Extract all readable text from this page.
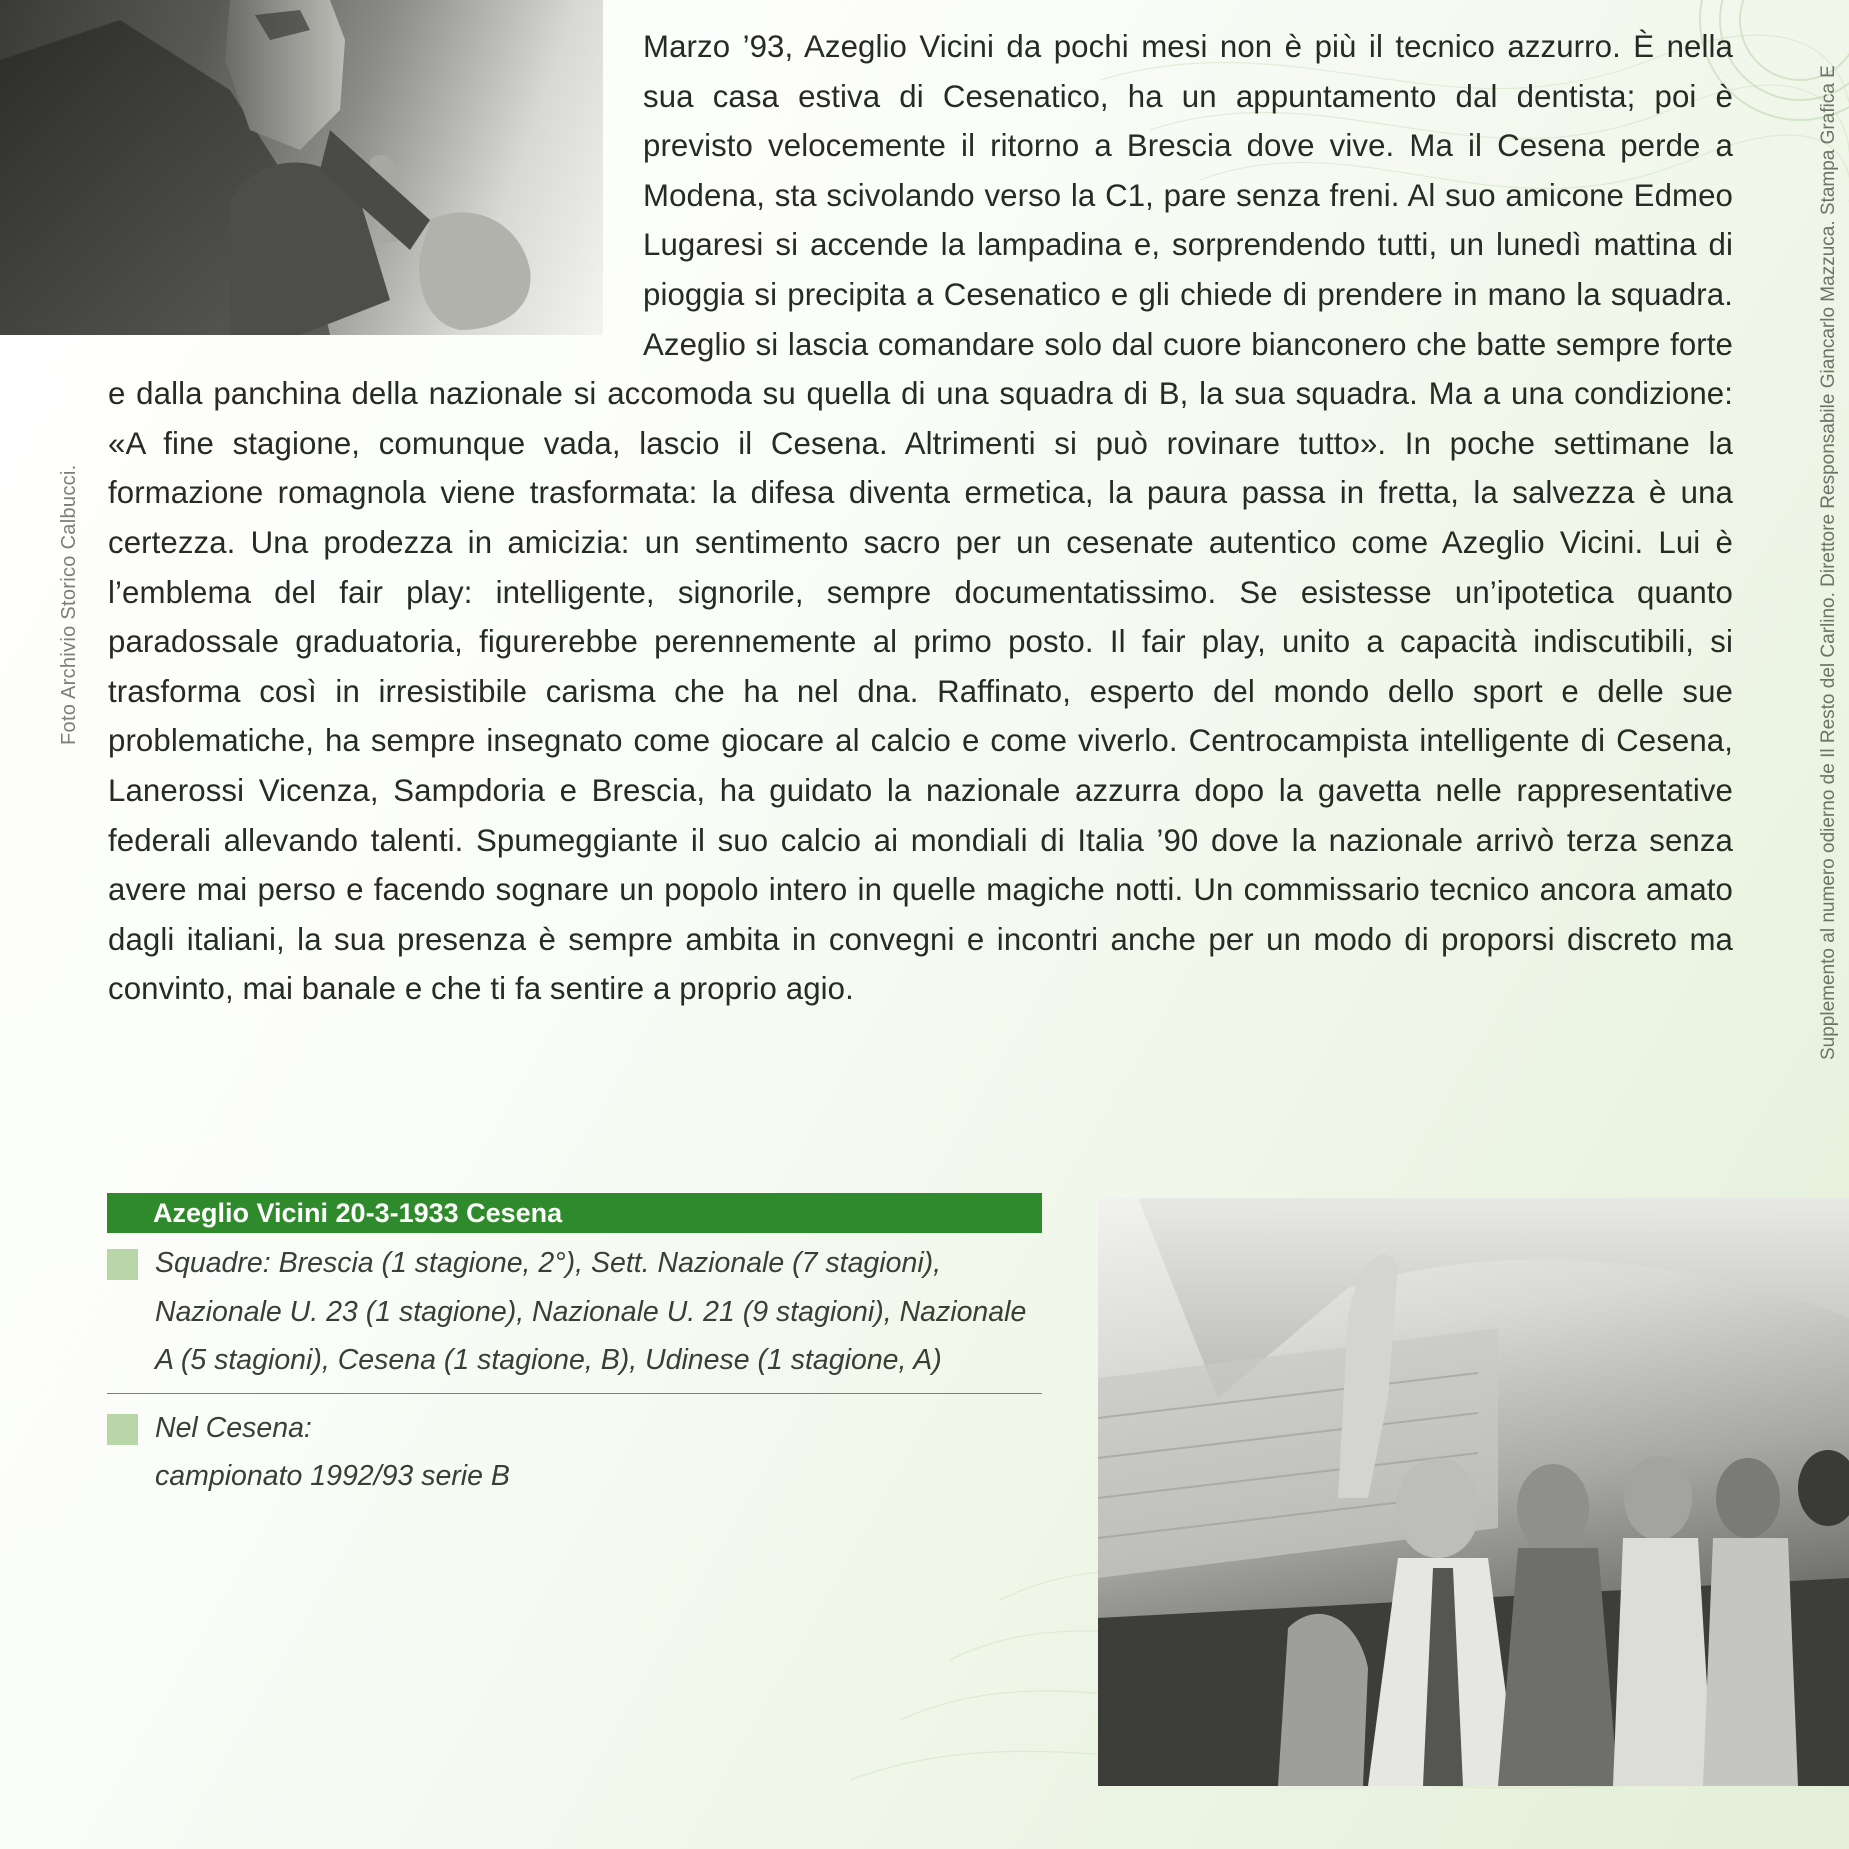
Foto Archivio Storico Calbucci.	Supplemento al numero odierno de Il Resto del Carlino. Direttore Responsabile Giancarlo Mazzuca. Stampa Grafica E

Marzo ’93, Azeglio Vicini da pochi mesi non è più il tecnico azzurro. È nella sua casa estiva di Cesenatico, ha un appuntamento dal dentista; poi è previsto velocemente il ritorno a Brescia dove vive. Ma il Cesena perde a Modena, sta scivolando verso la C1, pare senza freni. Al suo amicone Edmeo Lugaresi si accende la lampadina e, sorprendendo tutti, un lunedì mattina di pioggia si precipita a Cesenatico e gli chiede di prendere in mano la squadra. Azeglio si lascia comandare solo dal cuore bianconero che batte sempre forte e dalla panchina della nazionale si accomoda su quella di una squadra di B, la sua squadra. Ma a una condizione: «A fine stagione, comunque vada, lascio il Cesena. Altrimenti si può rovinare tutto». In poche settimane la formazione romagnola viene trasformata: la difesa diventa ermetica, la paura passa in fretta, la salvezza è una certezza. Una prodezza in amicizia: un sentimento sacro per un cesenate autentico come Azeglio Vicini. Lui è l’emblema del fair play: intelligente, signorile, sempre documentatissimo. Se esistesse un’ipotetica quanto paradossale graduatoria, figurerebbe perennemente al primo posto. Il fair play, unito a capacità indiscutibili, si trasforma così in irresistibile carisma che ha nel dna. Raffinato, esperto del mondo dello sport e delle sue problematiche, ha sempre insegnato come giocare al calcio e come viverlo. Centrocampista intelligente di Cesena, Lanerossi Vicenza, Sampdoria e Brescia, ha guidato la nazionale azzurra dopo la gavetta nelle rappresentative federali allevando talenti. Spumeggiante il suo calcio ai mondiali di Italia ’90 dove la nazionale arrivò terza senza avere mai perso e facendo sognare un popolo intero in quelle magiche notti. Un commissario tecnico ancora amato dagli italiani, la sua presenza è sempre ambita in convegni e incontri anche per un modo di proporsi discreto ma convinto, mai banale e che ti fa sentire a proprio agio.

Azeglio Vicini 20-3-1933 Cesena
Squadre: Brescia (1 stagione, 2°), Sett. Nazionale (7 stagioni), Nazionale U. 23 (1 stagione), Nazionale U. 21 (9 stagioni), Nazionale A (5 stagioni), Cesena (1 stagione, B), Udinese (1 stagione, A)
Nel Cesena:
campionato 1992/93 serie B
